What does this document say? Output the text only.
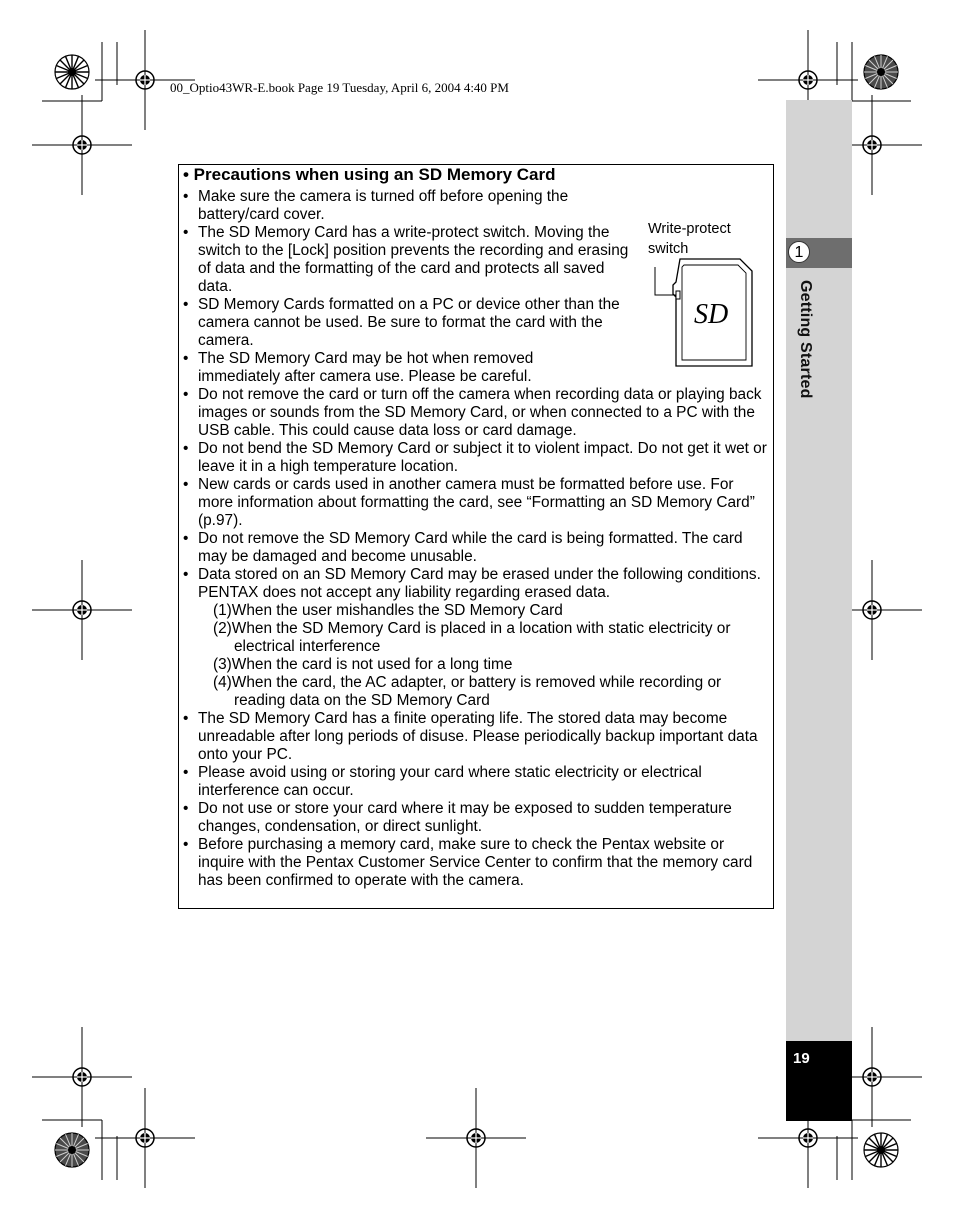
00_Optio43WR-E.book Page 19 Tuesday, April 6, 2004 4:40 PM
1
Getting Started
19
• Precautions when using an SD Memory Card
Write-protect
switch
SD
• Make sure the camera is turned off before opening the battery/card cover.
• The SD Memory Card has a write-protect switch. Moving the switch to the [Lock] position prevents the recording and erasing of data and the formatting of the card and protects all saved data.
• SD Memory Cards formatted on a PC or device other than the camera cannot be used. Be sure to format the card with the camera.
• The SD Memory Card may be hot when removed immediately after camera use. Please be careful.
• Do not remove the card or turn off the camera when recording data or playing back images or sounds from the SD Memory Card, or when connected to a PC with the USB cable. This could cause data loss or card damage.
• Do not bend the SD Memory Card or subject it to violent impact. Do not get it wet or leave it in a high temperature location.
• New cards or cards used in another camera must be formatted before use. For more information about formatting the card, see “Formatting an SD Memory Card” (p.97).
• Do not remove the SD Memory Card while the card is being formatted. The card may be damaged and become unusable.
• Data stored on an SD Memory Card may be erased under the following conditions. PENTAX does not accept any liability regarding erased data.
(1)When the user mishandles the SD Memory Card
(2)When the SD Memory Card is placed in a location with static electricity or electrical interference
(3)When the card is not used for a long time
(4)When the card, the AC adapter, or battery is removed while recording or reading data on the SD Memory Card
• The SD Memory Card has a finite operating life. The stored data may become unreadable after long periods of disuse. Please periodically backup important data onto your PC.
• Please avoid using or storing your card where static electricity or electrical interference can occur.
• Do not use or store your card where it may be exposed to sudden temperature changes, condensation, or direct sunlight.
• Before purchasing a memory card, make sure to check the Pentax website or inquire with the Pentax Customer Service Center to confirm that the memory card has been confirmed to operate with the camera.
